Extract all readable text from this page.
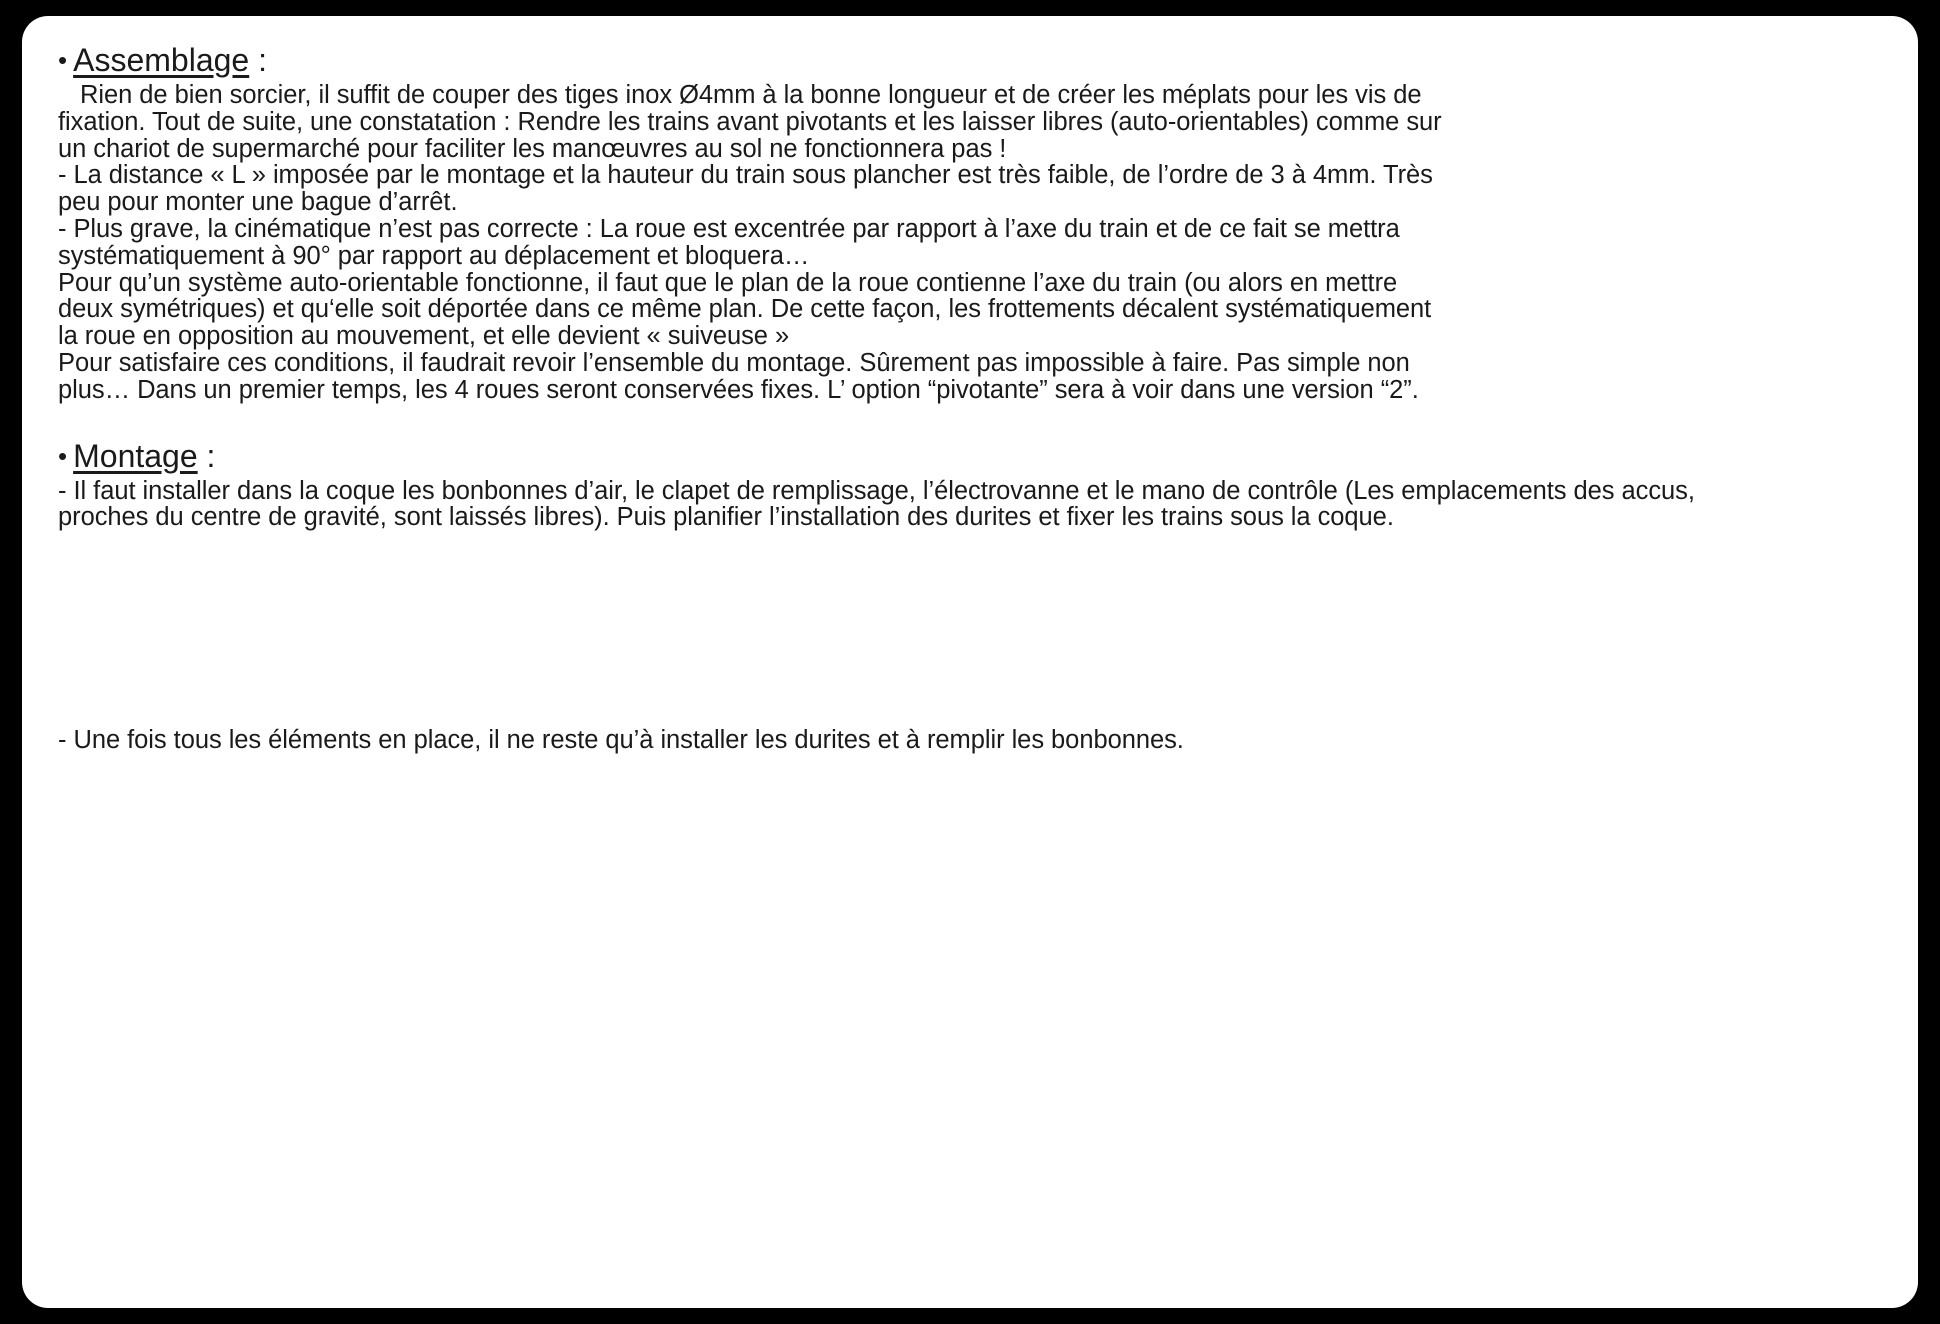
• Assemblage :
Rien de bien sorcier, il suffit de couper des tiges inox Ø4mm à la bonne longueur et de créer les méplats pour les vis de
fixation. Tout de suite, une constatation : Rendre les trains avant pivotants et les laisser libres (auto-orientables) comme sur
un chariot de supermarché pour faciliter les manœuvres au sol ne fonctionnera pas !
- La distance « L » imposée par le montage et la hauteur du train sous plancher est très faible, de l’ordre de 3 à 4mm. Très
peu pour monter une bague d’arrêt.
- Plus grave, la cinématique n’est pas correcte : La roue est excentrée par rapport à l’axe du train et de ce fait se mettra
systématiquement à 90° par rapport au déplacement et bloquera…
Pour qu’un système auto-orientable fonctionne, il faut que le plan de la roue contienne l’axe du train (ou alors en mettre
deux symétriques) et qu‘elle soit déportée dans ce même plan. De cette façon, les frottements décalent systématiquement
la roue en opposition au mouvement, et elle devient « suiveuse »
Pour satisfaire ces conditions, il faudrait revoir l’ensemble du montage. Sûrement pas impossible à faire. Pas simple non
plus… Dans un premier temps, les 4 roues seront conservées fixes. L’ option “pivotante” sera à voir dans une version “2”.
• Montage :
- Il faut installer dans la coque les bonbonnes d’air, le clapet de remplissage, l’électrovanne et le mano de contrôle (Les emplacements des accus,
proches du centre de gravité, sont laissés libres). Puis planifier l’installation des durites et fixer les trains sous la coque.
- Une fois tous les éléments en place, il ne reste qu’à installer les durites et à remplir les bonbonnes.
